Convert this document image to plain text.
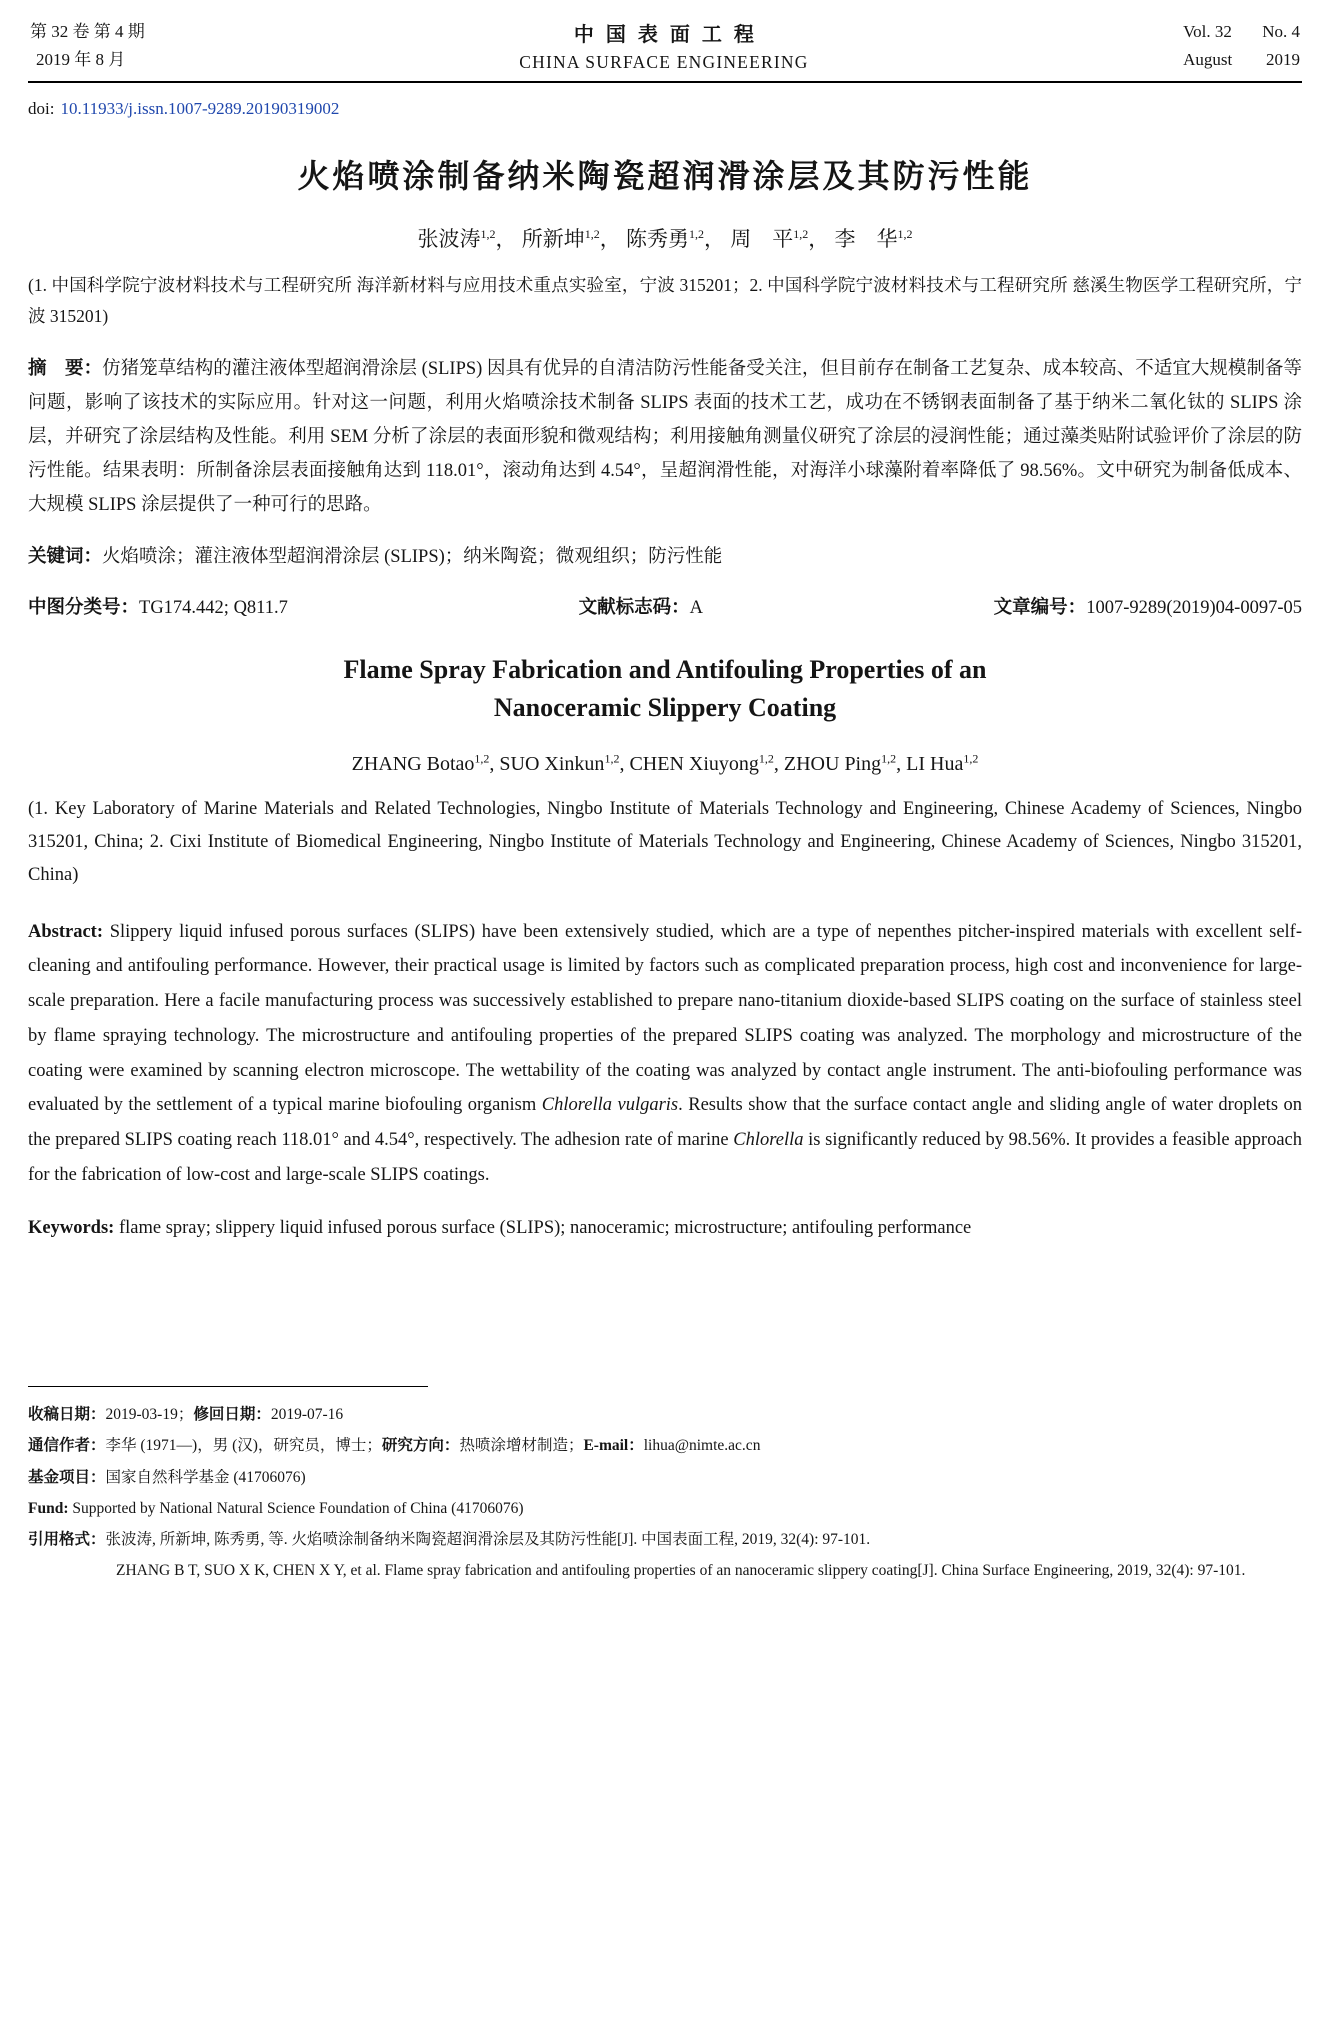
第 32 卷 第 4 期
2019 年 8 月
中国表面工程
CHINA SURFACE ENGINEERING
Vol. 32 No. 4
August 2019
doi: 10.11933/j.issn.1007-9289.20190319002
火焰喷涂制备纳米陶瓷超润滑涂层及其防污性能
张波涛$^{1,2}$， 所新坤$^{1,2}$， 陈秀勇$^{1,2}$， 周　平$^{1,2}$， 李　华$^{1,2}$

(1. 中国科学院宁波材料技术与工程研究所 海洋新材料与应用技术重点实验室，宁波 315201；2. 中国科学院宁波材料技术与工程研究所 慈溪生物医学工程研究所，宁波 315201)

摘　要：仿猪笼草结构的灌注液体型超润滑涂层 (SLIPS) 因具有优异的自清洁防污性能备受关注，但目前存在制备工艺复杂、成本较高、不适宜大规模制备等问题，影响了该技术的实际应用。针对这一问题，利用火焰喷涂技术制备 SLIPS 表面的技术工艺，成功在不锈钢表面制备了基于纳米二氧化钛的 SLIPS 涂层，并研究了涂层结构及性能。利用 SEM 分析了涂层的表面形貌和微观结构；利用接触角测量仪研究了涂层的浸润性能；通过藻类贴附试验评价了涂层的防污性能。结果表明：所制备涂层表面接触角达到 118.01°，滚动角达到 4.54°，呈超润滑性能，对海洋小球藻附着率降低了 98.56%。文中研究为制备低成本、大规模 SLIPS 涂层提供了一种可行的思路。

关键词：火焰喷涂；灌注液体型超润滑涂层 (SLIPS)；纳米陶瓷；微观组织；防污性能

中图分类号：TG174.442; Q811.7	文献标志码：A	文章编号：1007-9289(2019)04-0097-05
Flame Spray Fabrication and Antifouling Properties of an
Nanoceramic Slippery Coating
ZHANG Botao$^{1,2}$, SUO Xinkun$^{1,2}$, CHEN Xiuyong$^{1,2}$, ZHOU Ping$^{1,2}$, LI Hua$^{1,2}$

(1. Key Laboratory of Marine Materials and Related Technologies, Ningbo Institute of Materials Technology and Engineering, Chinese Academy of Sciences, Ningbo 315201, China; 2. Cixi Institute of Biomedical Engineering, Ningbo Institute of Materials Technology and Engineering, Chinese Academy of Sciences, Ningbo 315201, China)

Abstract: Slippery liquid infused porous surfaces (SLIPS) have been extensively studied, which are a type of nepenthes pitcher-inspired materials with excellent self-cleaning and antifouling performance. However, their practical usage is limited by factors such as complicated preparation process, high cost and inconvenience for large-scale preparation. Here a facile manufacturing process was successively established to prepare nano-titanium dioxide-based SLIPS coating on the surface of stainless steel by flame spraying technology. The microstructure and antifouling properties of the prepared SLIPS coating was analyzed. The morphology and microstructure of the coating were examined by scanning electron microscope. The wettability of the coating was analyzed by contact angle instrument. The anti-biofouling performance was evaluated by the settlement of a typical marine biofouling organism Chlorella vulgaris. Results show that the surface contact angle and sliding angle of water droplets on the prepared SLIPS coating reach 118.01° and 4.54°, respectively. The adhesion rate of marine Chlorella is significantly reduced by 98.56%. It provides a feasible approach for the fabrication of low-cost and large-scale SLIPS coatings.

Keywords: flame spray; slippery liquid infused porous surface (SLIPS); nanoceramic; microstructure; antifouling performance

收稿日期：2019-03-19；修回日期：2019-07-16
通信作者：李华 (1971—)，男 (汉)，研究员，博士；研究方向：热喷涂增材制造；E-mail：lihua@nimte.ac.cn
基金项目：国家自然科学基金 (41706076)
Fund: Supported by National Natural Science Foundation of China (41706076)
引用格式：张波涛, 所新坤, 陈秀勇, 等. 火焰喷涂制备纳米陶瓷超润滑涂层及其防污性能[J]. 中国表面工程, 2019, 32(4): 97-101.
ZHANG B T, SUO X K, CHEN X Y, et al. Flame spray fabrication and antifouling properties of an nanoceramic slippery coating[J]. China Surface Engineering, 2019, 32(4): 97-101.
